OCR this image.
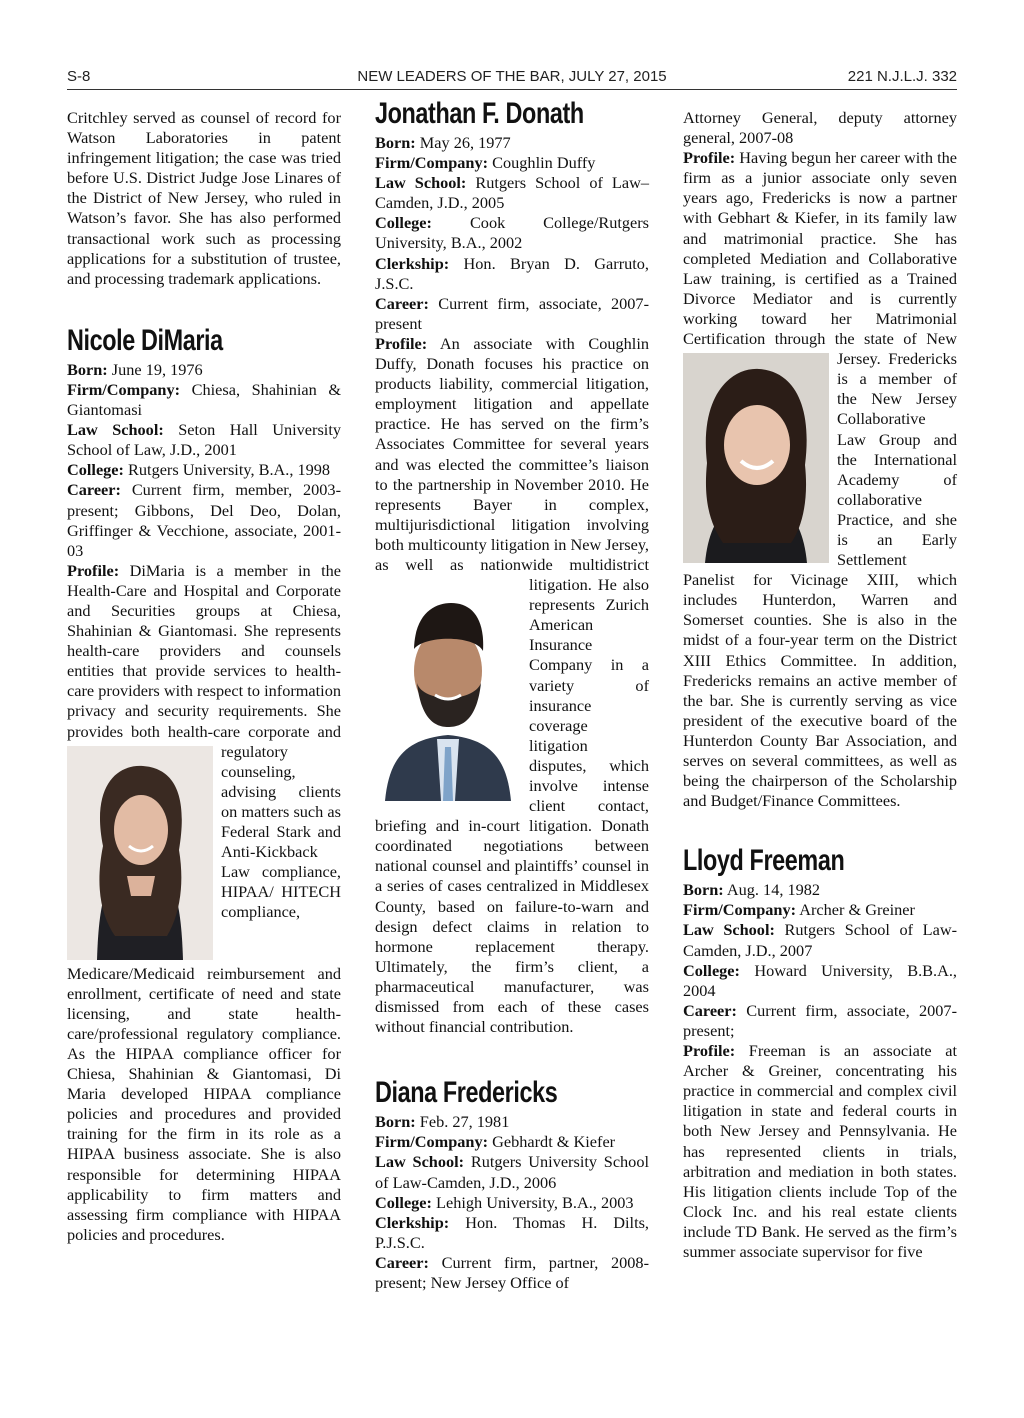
S-8	NEW LEADERS OF THE BAR, JULY 27, 2015	221 N.J.L.J. 332

Critchley served as counsel of record for Watson Laboratories in patent infringement litigation; the case was tried before U.S. District Judge Jose Linares of the District of New Jersey, who ruled in Watson’s favor. She has also performed transactional work such as processing applications for a substitution of trustee, and processing trademark applications.

Nicole DiMaria

Born: June 19, 1976

Firm/Company: Chiesa, Shahinian & Giantomasi

Law School: Seton Hall University School of Law, J.D., 2001

College: Rutgers University, B.A., 1998

Career: Current firm, member, 2003-present; Gibbons, Del Deo, Dolan, Griffinger & Vecchione, associate, 2001-03

Profile: DiMaria is a member in the Health-Care and Hospital and Corporate and Securities groups at Chiesa, Shahinian & Giantomasi. She represents health-care providers and counsels entities that provide services to health-care providers with respect to information privacy and security requirements. She provides both health-care corporate and regulatory counseling, advising clients on matters such as Federal Stark and Anti-Kickback Law compliance, HIPAA/ HITECH compliance, Medicare/Medicaid reimbursement and enrollment, certificate of need and state licensing, and state health-care/professional regulatory compliance. As the HIPAA compliance officer for Chiesa, Shahinian & Giantomasi, Di Maria developed HIPAA compliance policies and procedures and provided training for the firm in its role as a HIPAA business associate. She is also responsible for determining HIPAA applicability to firm matters and assessing firm compliance with HIPAA policies and procedures.

Jonathan F. Donath

Born: May 26, 1977

Firm/Company: Coughlin Duffy

Law School: Rutgers School of Law–Camden, J.D., 2005

College: Cook College/Rutgers University, B.A., 2002

Clerkship: Hon. Bryan D. Garruto, J.S.C.

Career: Current firm, associate, 2007-present

Profile: An associate with Coughlin Duffy, Donath focuses his practice on products liability, commercial litigation, employment litigation and appellate practice. He has served on the firm’s Associates Committee for several years and was elected the committee’s liaison to the partnership in November 2010. He represents Bayer in complex, multijurisdictional litigation involving both multicounty litigation in New Jersey, as well as nationwide multidistrict
litigation. He also represents Zurich American Insurance Company in a variety of insurance coverage litigation disputes, which involve intense client contact, briefing and in-court litigation. Donath coordinated negotiations between national counsel and plaintiffs’ counsel in a series of cases centralized in Middlesex County, based on failure-to-warn and design defect claims in relation to hormone replacement therapy. Ultimately, the firm’s client, a pharmaceutical manufacturer, was dismissed from each of these cases without financial contribution.

Diana Fredericks

Born: Feb. 27, 1981

Firm/Company: Gebhardt & Kiefer

Law School: Rutgers University School of Law-Camden, J.D., 2006

College: Lehigh University, B.A., 2003

Clerkship: Hon. Thomas H. Dilts, P.J.S.C.

Career: Current firm, partner, 2008-present; New Jersey Office of

Attorney General, deputy attorney general, 2007-08

Profile: Having begun her career with the firm as a junior associate only seven years ago, Fredericks is now a partner with Gebhart & Kiefer, in its family law and matrimonial practice. She has completed Mediation and Collaborative Law training, is certified as a Trained Divorce Mediator and is currently working toward her Matrimonial Certification through the state of New Jersey. Fredericks
is a member of the New Jersey Collaborative Law Group and the International Academy of collaborative Practice, and she is an Early Settlement Panelist for Vicinage XIII, which includes Hunterdon, Warren and Somerset counties. She is also in the midst of a four-year term on the District XIII Ethics Committee. In addition, Fredericks remains an active member of the bar. She is currently serving as vice president of the executive board of the Hunterdon County Bar Association, and serves on several committees, as well as being the chairperson of the Scholarship and Budget/Finance Committees.

Lloyd Freeman

Born: Aug. 14, 1982

Firm/Company: Archer & Greiner

Law School: Rutgers School of Law-Camden, J.D., 2007

College: Howard University, B.B.A., 2004

Career: Current firm, associate, 2007-present;

Profile: Freeman is an associate at Archer & Greiner, concentrating his practice in commercial and complex civil litigation in state and federal courts in both New Jersey and Pennsylvania. He has represented clients in trials, arbitration and mediation in both states. His litigation clients include Top of the Clock Inc. and his real estate clients include TD Bank. He served as the firm’s summer associate supervisor for five
